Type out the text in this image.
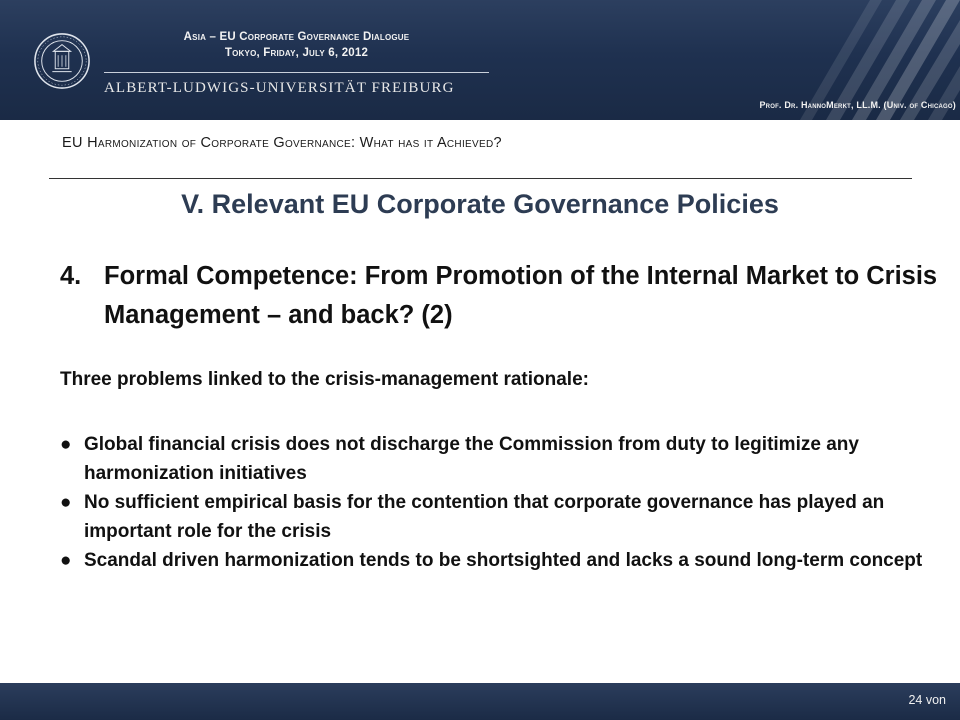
Asia – EU Corporate Governance Dialogue
Tokyo, Friday, July 6, 2012
ALBERT-LUDWIGS-UNIVERSITÄT FREIBURG
Prof. Dr. HannoMerkt, LL.M. (Univ. of Chicago)
EU Harmonization of Corporate Governance: What has it Achieved?
V. Relevant EU Corporate Governance Policies
4. Formal Competence: From Promotion of the Internal Market to Crisis Management – and back? (2)
Three problems linked to the crisis-management rationale:
● Global financial crisis does not discharge the Commission from duty to legitimize any harmonization initiatives
● No sufficient empirical basis for the contention that corporate governance has played an important role for the crisis
● Scandal driven harmonization tends to be shortsighted and lacks a sound long-term concept
24 von
